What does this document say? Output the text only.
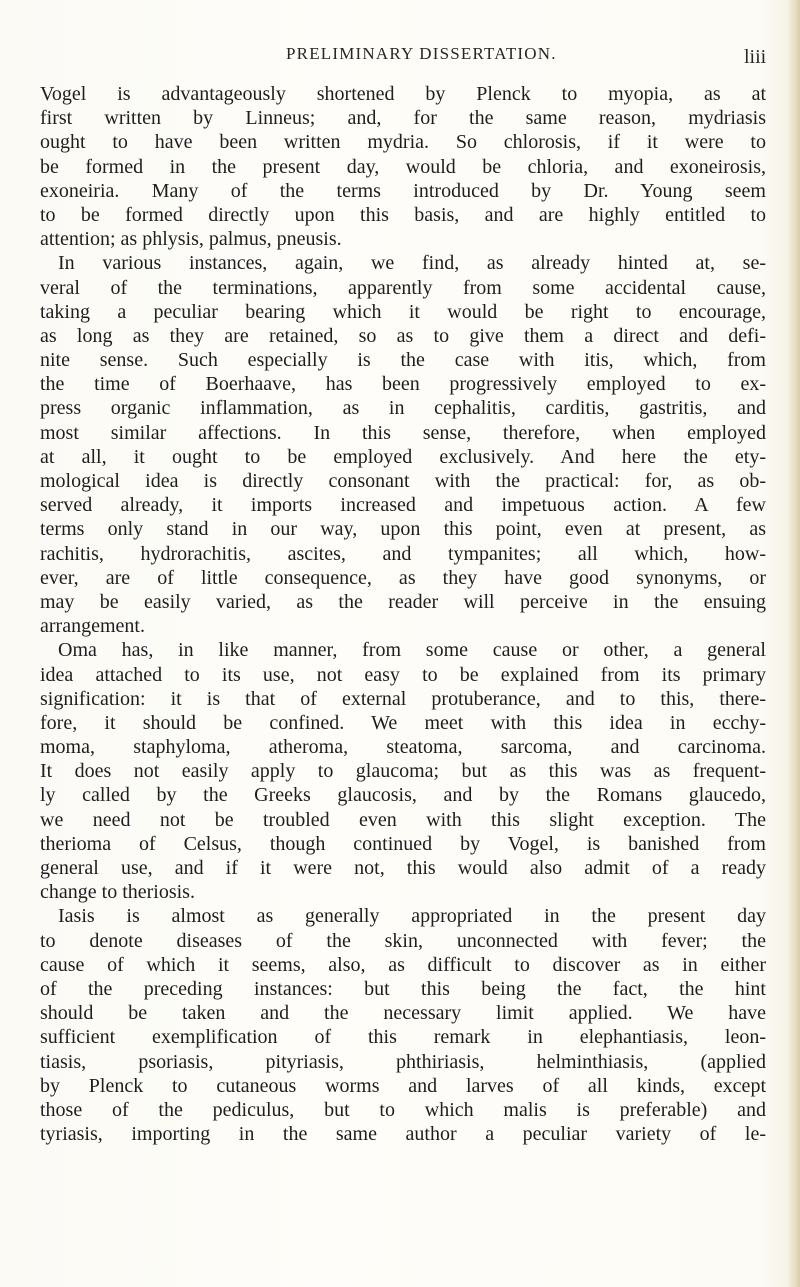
PRELIMINARY DISSERTATION.	liii
Vogel is advantageously shortened by Plenck to myopia, as at
first written by Linneus; and, for the same reason, mydriasis
ought to have been written mydria. So chlorosis, if it were to
be formed in the present day, would be chloria, and exoneirosis,
exoneiria. Many of the terms introduced by Dr. Young seem
to be formed directly upon this basis, and are highly entitled to
attention; as phlysis, palmus, pneusis.
In various instances, again, we find, as already hinted at, se-
veral of the terminations, apparently from some accidental cause,
taking a peculiar bearing which it would be right to encourage,
as long as they are retained, so as to give them a direct and defi-
nite sense. Such especially is the case with itis, which, from
the time of Boerhaave, has been progressively employed to ex-
press organic inflammation, as in cephalitis, carditis, gastritis, and
most similar affections. In this sense, therefore, when employed
at all, it ought to be employed exclusively. And here the ety-
mological idea is directly consonant with the practical: for, as ob-
served already, it imports increased and impetuous action. A few
terms only stand in our way, upon this point, even at present, as
rachitis, hydrorachitis, ascites, and tympanites; all which, how-
ever, are of little consequence, as they have good synonyms, or
may be easily varied, as the reader will perceive in the ensuing
arrangement.
Oma has, in like manner, from some cause or other, a general
idea attached to its use, not easy to be explained from its primary
signification: it is that of external protuberance, and to this, there-
fore, it should be confined. We meet with this idea in ecchy-
moma, staphyloma, atheroma, steatoma, sarcoma, and carcinoma.
It does not easily apply to glaucoma; but as this was as frequent-
ly called by the Greeks glaucosis, and by the Romans glaucedo,
we need not be troubled even with this slight exception. The
therioma of Celsus, though continued by Vogel, is banished from
general use, and if it were not, this would also admit of a ready
change to theriosis.
Iasis is almost as generally appropriated in the present day
to denote diseases of the skin, unconnected with fever; the
cause of which it seems, also, as difficult to discover as in either
of the preceding instances: but this being the fact, the hint
should be taken and the necessary limit applied. We have
sufficient exemplification of this remark in elephantiasis, leon-
tiasis, psoriasis, pityriasis, phthiriasis, helminthiasis, (applied
by Plenck to cutaneous worms and larves of all kinds, except
those of the pediculus, but to which malis is preferable) and
tyriasis, importing in the same author a peculiar variety of le-
